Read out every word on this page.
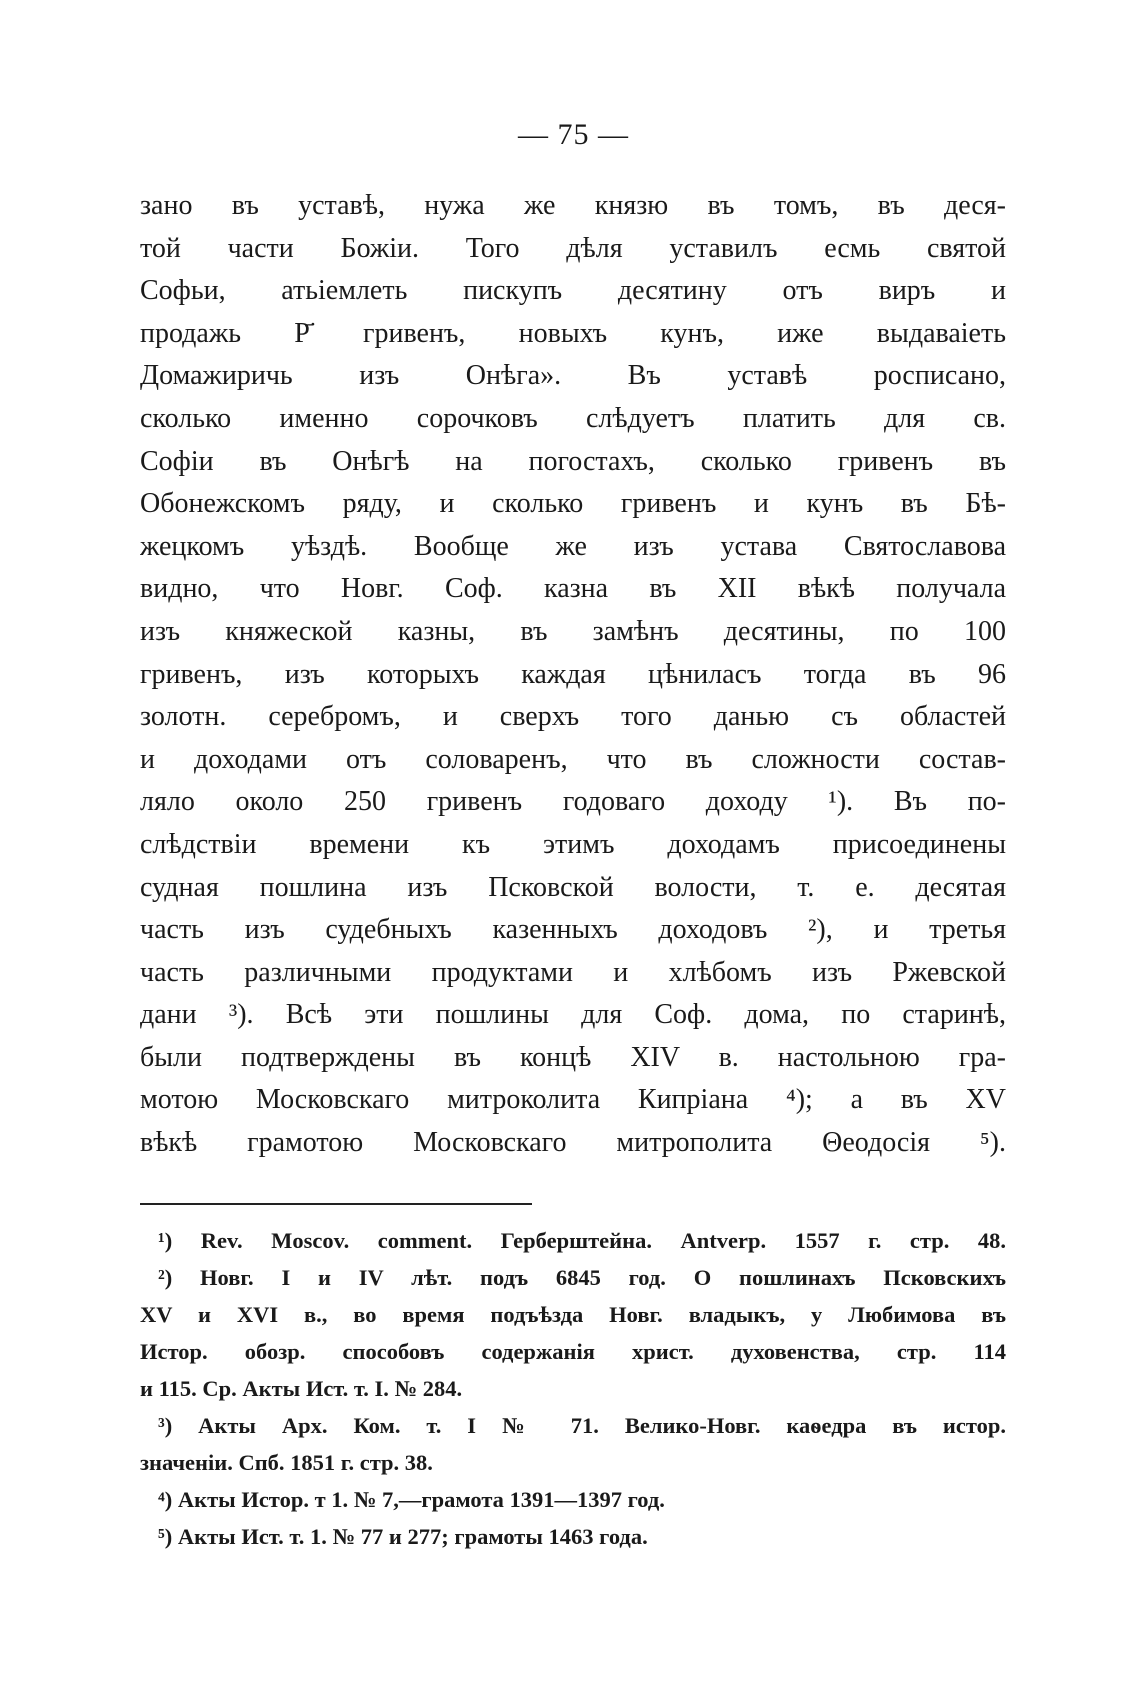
— 75 —
зано въ уставѣ, нужа же князю въ томъ, въ деся-
той части Божіи. Того дѣля уставилъ есмь святой
Софьи, атьіемлеть пискупъ десятину отъ виръ и
продажь Р҃ гривенъ, новыхъ кунъ, иже выдаваіеть
Домажиричь изъ Онѣга». Въ уставѣ росписано,
сколько именно сорочковъ слѣдуетъ платить для св.
Софіи въ Онѣгѣ на погостахъ, сколько гривенъ въ
Обонежскомъ ряду, и сколько гривенъ и кунъ въ Бѣ-
жецкомъ уѣздѣ. Вообще же изъ устава Святославова
видно, что Новг. Соф. казна въ XII вѣкѣ получала
изъ княжеской казны, въ замѣнъ десятины, по 100
гривенъ, изъ которыхъ каждая цѣниласъ тогда въ 96
золотн. серебромъ, и сверхъ того данью съ областей
и доходами отъ соловаренъ, что въ сложности состав-
ляло около 250 гривенъ годоваго доходу ¹). Въ по-
слѣдствіи времени къ этимъ доходамъ присоединены
судная пошлина изъ Псковской волости, т. е. десятая
часть изъ судебныхъ казенныхъ доходовъ ²), и третья
часть различными продуктами и хлѣбомъ изъ Ржевской
дани ³). Всѣ эти пошлины для Соф. дома, по старинѣ,
были подтверждены въ концѣ XIV в. настольною гра-
мотою Московскаго митроколита Кипріана ⁴); а въ XV
вѣкѣ грамотою Московскаго митрополита Θеодосія ⁵).
¹) Rev. Moscov. comment. Герберштейна. Antverp. 1557 г. стр. 48.
²) Новг. I и IV лѣт. подъ 6845 год. О пошлинахъ Псковскихъ
XV и XVI в., во время подъѣзда Новг. владыкъ, у Любимова въ
Истор. обозр. способовъ содержанія христ. духовенства, стр. 114
и 115. Ср. Акты Ист. т. I. № 284.
³) Акты Арх. Ком. т. I № 71. Велико-Новг. каѳедра въ истор.
значеніи. Спб. 1851 г. стр. 38.
⁴) Акты Истор. т 1. № 7,—грамота 1391—1397 год.
⁵) Акты Ист. т. 1. № 77 и 277; грамоты 1463 года.
